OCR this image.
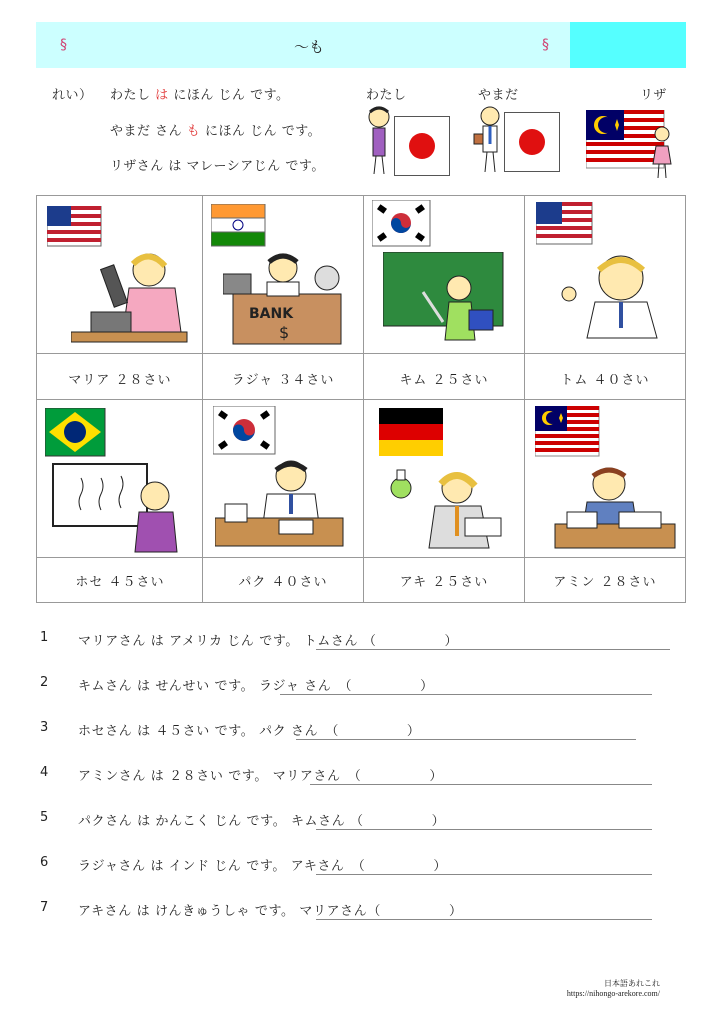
§	§
～も
れい） わたし は にほん じん です。
やまだ さん も にほん じん です。
リザさん は マレーシアじん です。
わたし	やまだ	リザ
マリア ２８さい	ラジャ ３４さい	キム ２５さい	トム ４０さい
ホセ ４５さい	パク ４０さい	アキ ２５さい	アミン ２８さい
BANK
$
1 マリアさん は アメリカ じん です。 トムさん （　　　　　）
2 キムさん は せんせい です。 ラジャ さん　（　　　　　）
3 ホセさん は ４５さい です。 パク さん　（　　　　　）
4 アミンさん は ２８さい です。 マリアさん　（　　　　　）
5 パクさん は かんこく じん です。 キムさん （　　　　　）
6 ラジャさん は インド じん です。 アキさん　（　　　　　）
7 アキさん は けんきゅうしゃ です。 マリアさん（　　　　　）
日本語あれこれ
https://nihongo-arekore.com/
